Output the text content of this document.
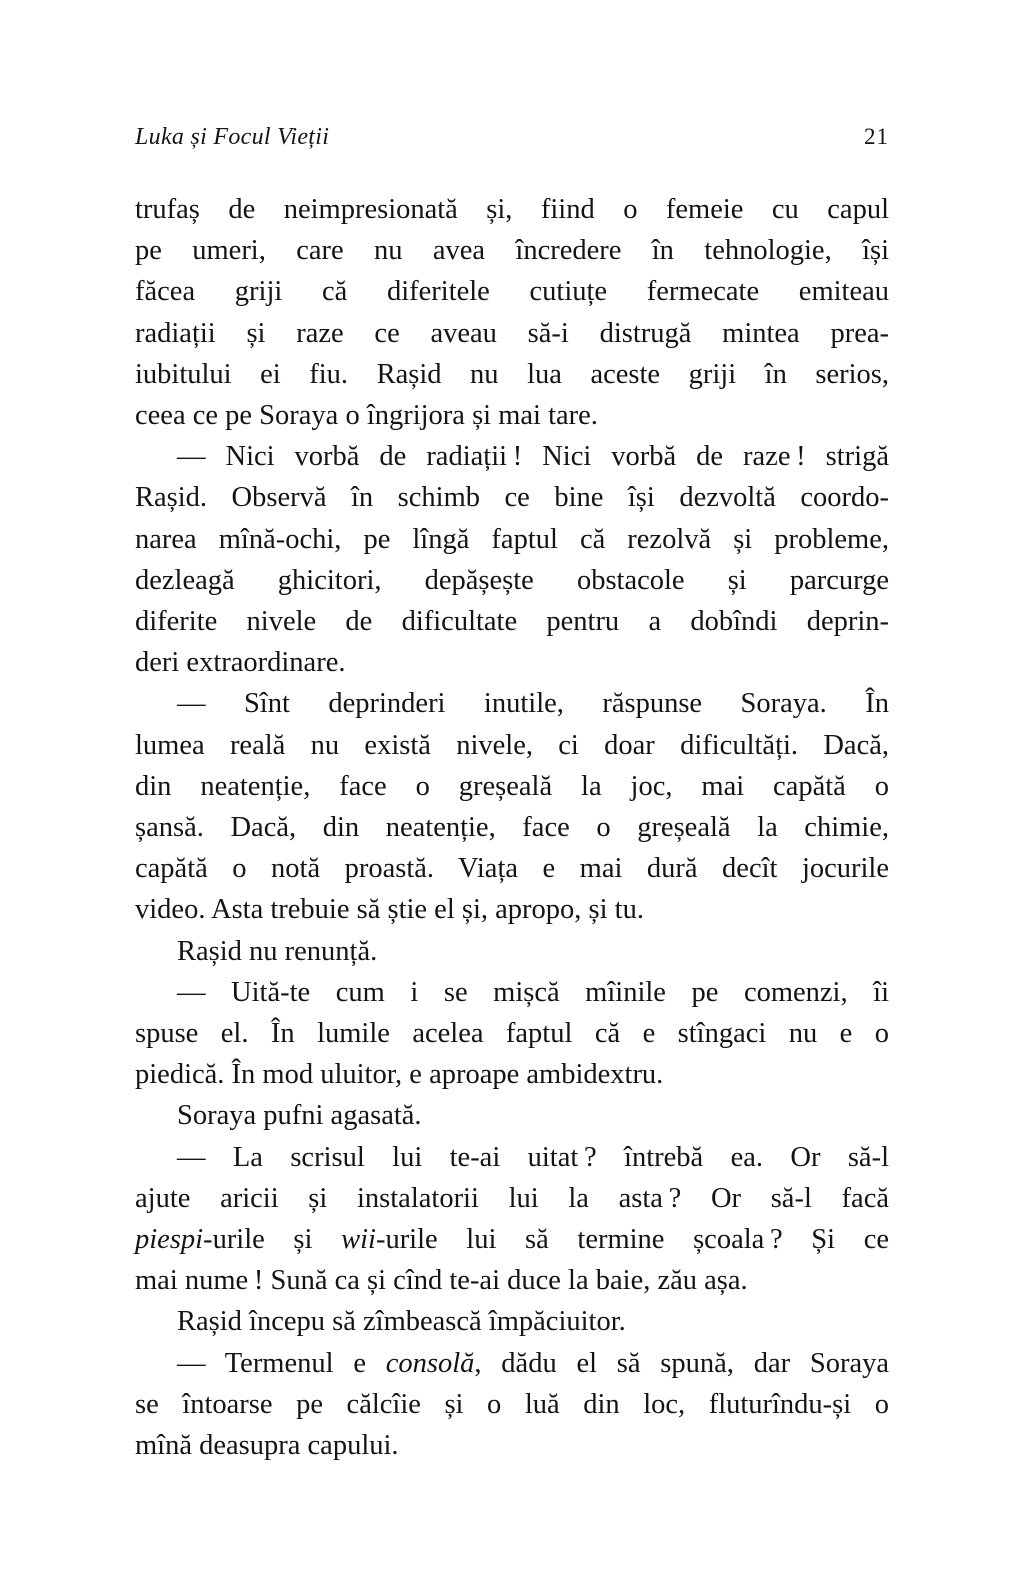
Luka și Focul Vieții	21
trufaș de neimpresionată și, fiind o femeie cu capul
pe umeri, care nu avea încredere în tehnologie, își
făcea griji că diferitele cutiuțe fermecate emiteau
radiații și raze ce aveau să-i distrugă mintea prea-
iubitului ei fiu. Rașid nu lua aceste griji în serios,
ceea ce pe Soraya o îngrijora și mai tare.
— Nici vorbă de radiații ! Nici vorbă de raze ! strigă
Rașid. Observă în schimb ce bine își dezvoltă coordo-
narea mînă-ochi, pe lîngă faptul că rezolvă și probleme,
dezleagă ghicitori, depășește obstacole și parcurge
diferite nivele de dificultate pentru a dobîndi deprin-
deri extraordinare.
— Sînt deprinderi inutile, răspunse Soraya. În
lumea reală nu există nivele, ci doar dificultăți. Dacă,
din neatenție, face o greșeală la joc, mai capătă o
șansă. Dacă, din neatenție, face o greșeală la chimie,
capătă o notă proastă. Viața e mai dură decît jocurile
video. Asta trebuie să știe el și, apropo, și tu.
Rașid nu renunță.
— Uită-te cum i se mișcă mîinile pe comenzi, îi
spuse el. În lumile acelea faptul că e stîngaci nu e o
piedică. În mod uluitor, e aproape ambidextru.
Soraya pufni agasată.
— La scrisul lui te-ai uitat ? întrebă ea. Or să-l
ajute aricii și instalatorii lui la asta ? Or să-l facă
piespi-urile și wii-urile lui să termine școala ? Și ce
mai nume ! Sună ca și cînd te-ai duce la baie, zău așa.
Rașid începu să zîmbească împăciuitor.
— Termenul e consolă, dădu el să spună, dar Soraya
se întoarse pe călcîie și o luă din loc, fluturîndu-și o
mînă deasupra capului.
